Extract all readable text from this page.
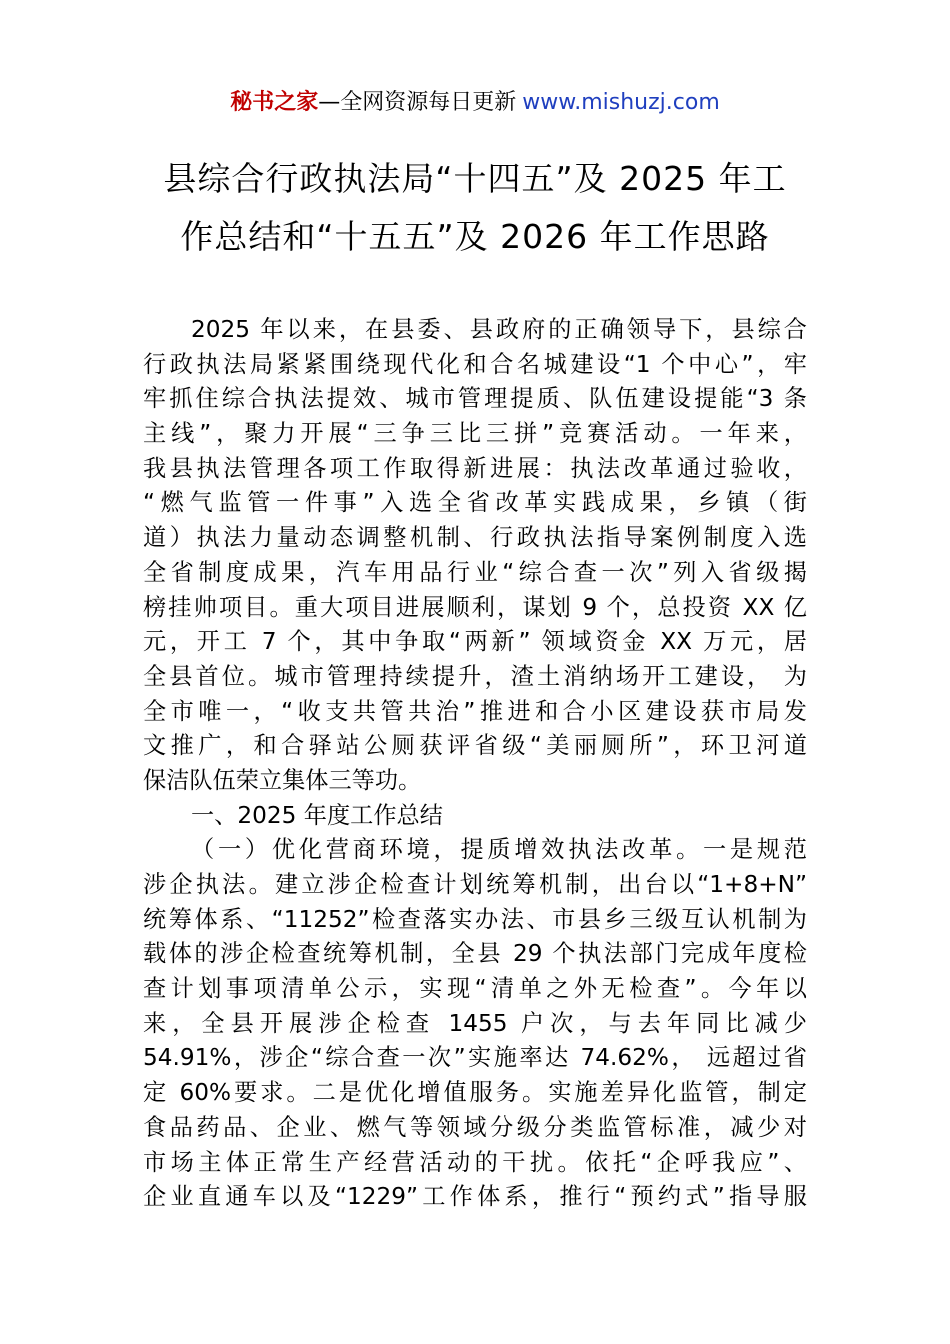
秘书之家—全网资源每日更新 www.mishuzj.com
县综合行政执法局“十四五”及 2025 年工
作总结和“十五五”及 2026 年工作思路
2025 年以来，在县委、县政府的正确领导下，县综合
行政执法局紧紧围绕现代化和合名城建设“1 个中心”，牢
牢抓住综合执法提效、城市管理提质、队伍建设提能“3 条
主线”，聚力开展“三争三比三拼”竞赛活动。一年来，
我县执法管理各项工作取得新进展：执法改革通过验收，
“燃气监管一件事”入选全省改革实践成果，乡镇（街
道）执法力量动态调整机制、行政执法指导案例制度入选
全省制度成果，汽车用品行业“综合查一次”列入省级揭
榜挂帅项目。重大项目进展顺利，谋划 9 个，总投资 XX 亿
元，开工 7 个，其中争取“两新” 领域资金 XX 万元，居
全县首位。城市管理持续提升，渣土消纳场开工建设， 为
全市唯一，“收支共管共治”推进和合小区建设获市局发
文推广，和合驿站公厕获评省级“美丽厕所”，环卫河道
保洁队伍荣立集体三等功。
一、2025 年度工作总结
（一）优化营商环境，提质增效执法改革。一是规范
涉企执法。建立涉企检查计划统筹机制，出台以“1+8+N”
统筹体系、“11252”检查落实办法、市县乡三级互认机制为
载体的涉企检查统筹机制，全县 29 个执法部门完成年度检
查计划事项清单公示，实现“清单之外无检查”。今年以
来，全县开展涉企检查 1455 户次，与去年同比减少
54.91%，涉企“综合查一次”实施率达 74.62%， 远超过省
定 60%要求。二是优化增值服务。实施差异化监管，制定
食品药品、企业、燃气等领域分级分类监管标准，减少对
市场主体正常生产经营活动的干扰。依托“企呼我应”、
企业直通车以及“1229”工作体系，推行“预约式”指导服
